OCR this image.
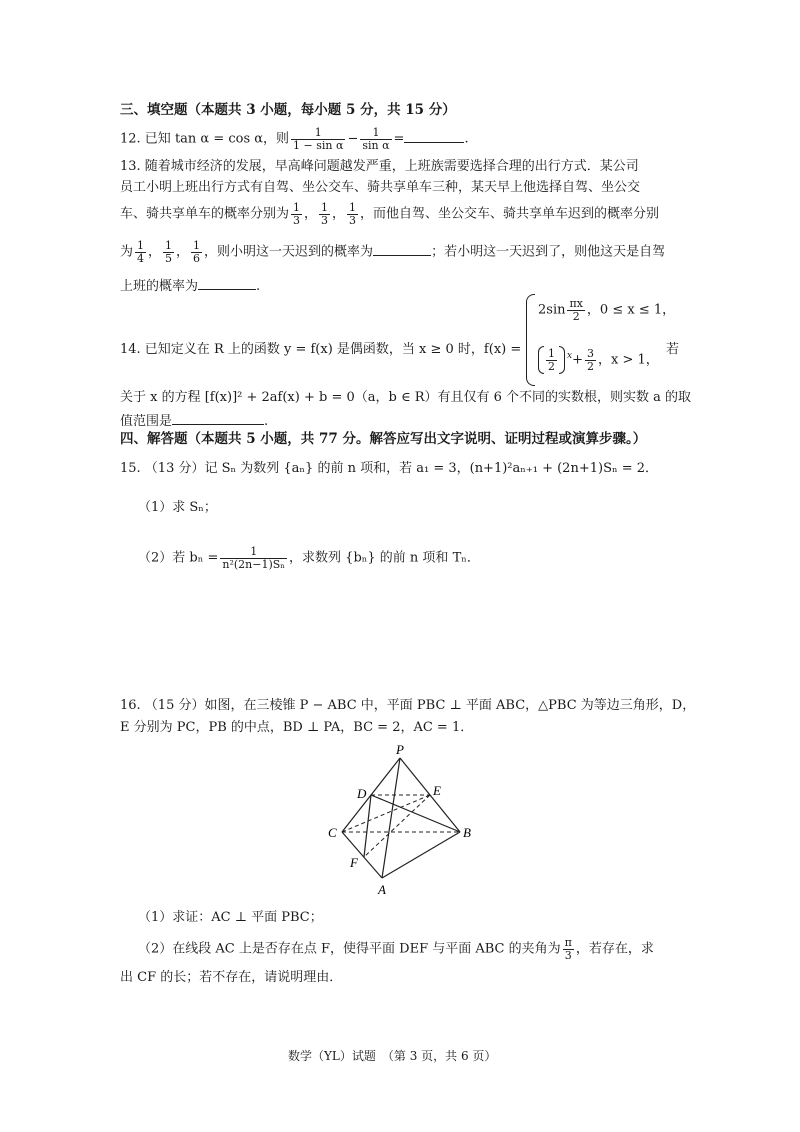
三、填空题（本题共 3 小题，每小题 5 分，共 15 分）
12. 已知 tan α = cos α，则 $\frac{1}{\text{1 − sin α}} - \frac{1}{\text{sin α}}$ =	.
13. 随着城市经济的发展，早高峰问题越发严重，上班族需要选择合理的出行方式．某公司
员工小明上班出行方式有自驾、坐公交车、骑共享单车三种，某天早上他选择自驾、坐公交
车、骑共享单车的概率分别为 $\frac{1}{3}$ ， $\frac{1}{3}$ ， $\frac{1}{3}$ ，而他自驾、坐公交车、骑共享单车迟到的概率分别
为 $\frac{1}{4}$ ， $\frac{1}{5}$ ， $\frac{1}{6}$ ，则小明这一天迟到的概率为	；若小明这一天迟到了，则他这天是自驾
上班的概率为	.
14. 已知定义在 R 上的函数 y = f(x) 是偶函数，当 x ≥ 0 时，f(x) =
$2\sin \frac{\pi x}{2}$ ，0 ≤ x ≤ 1，
$\frac{1}{2} ^x+ \frac{3}{2}$ ，x > 1，
若
关于 x 的方程 [f(x)]² + 2af(x) + b = 0（a，b ∈ R）有且仅有 6 个不同的实数根，则实数 a 的取
值范围是	.
四、解答题（本题共 5 小题，共 77 分。解答应写出文字说明、证明过程或演算步骤。）
15. （13 分）记 Sₙ 为数列 {aₙ} 的前 n 项和，若 a₁ = 3，(n+1)²aₙ₊₁ + (2n+1)Sₙ = 2．
（1）求 Sₙ；
（2）若 $b_n = \frac{1}{\text{n²(2n−1)Sₙ}}$ ，求数列 {bₙ} 的前 n 项和 Tₙ．
16. （15 分）如图，在三棱锥 P − ABC 中，平面 PBC ⊥ 平面 ABC，△PBC 为等边三角形，D，
E 分别为 PC，PB 的中点，BD ⊥ PA，BC = 2，AC = 1．
P
D	E
C	B
F
A
（1）求证：AC ⊥ 平面 PBC；
（2）在线段 AC 上是否存在点 F，使得平面 DEF 与平面 ABC 的夹角为 $\frac{\pi}{3}$ ，若存在，求
出 CF 的长；若不存在，请说明理由．
数学（YL）试题　（第 3 页，共 6 页）
